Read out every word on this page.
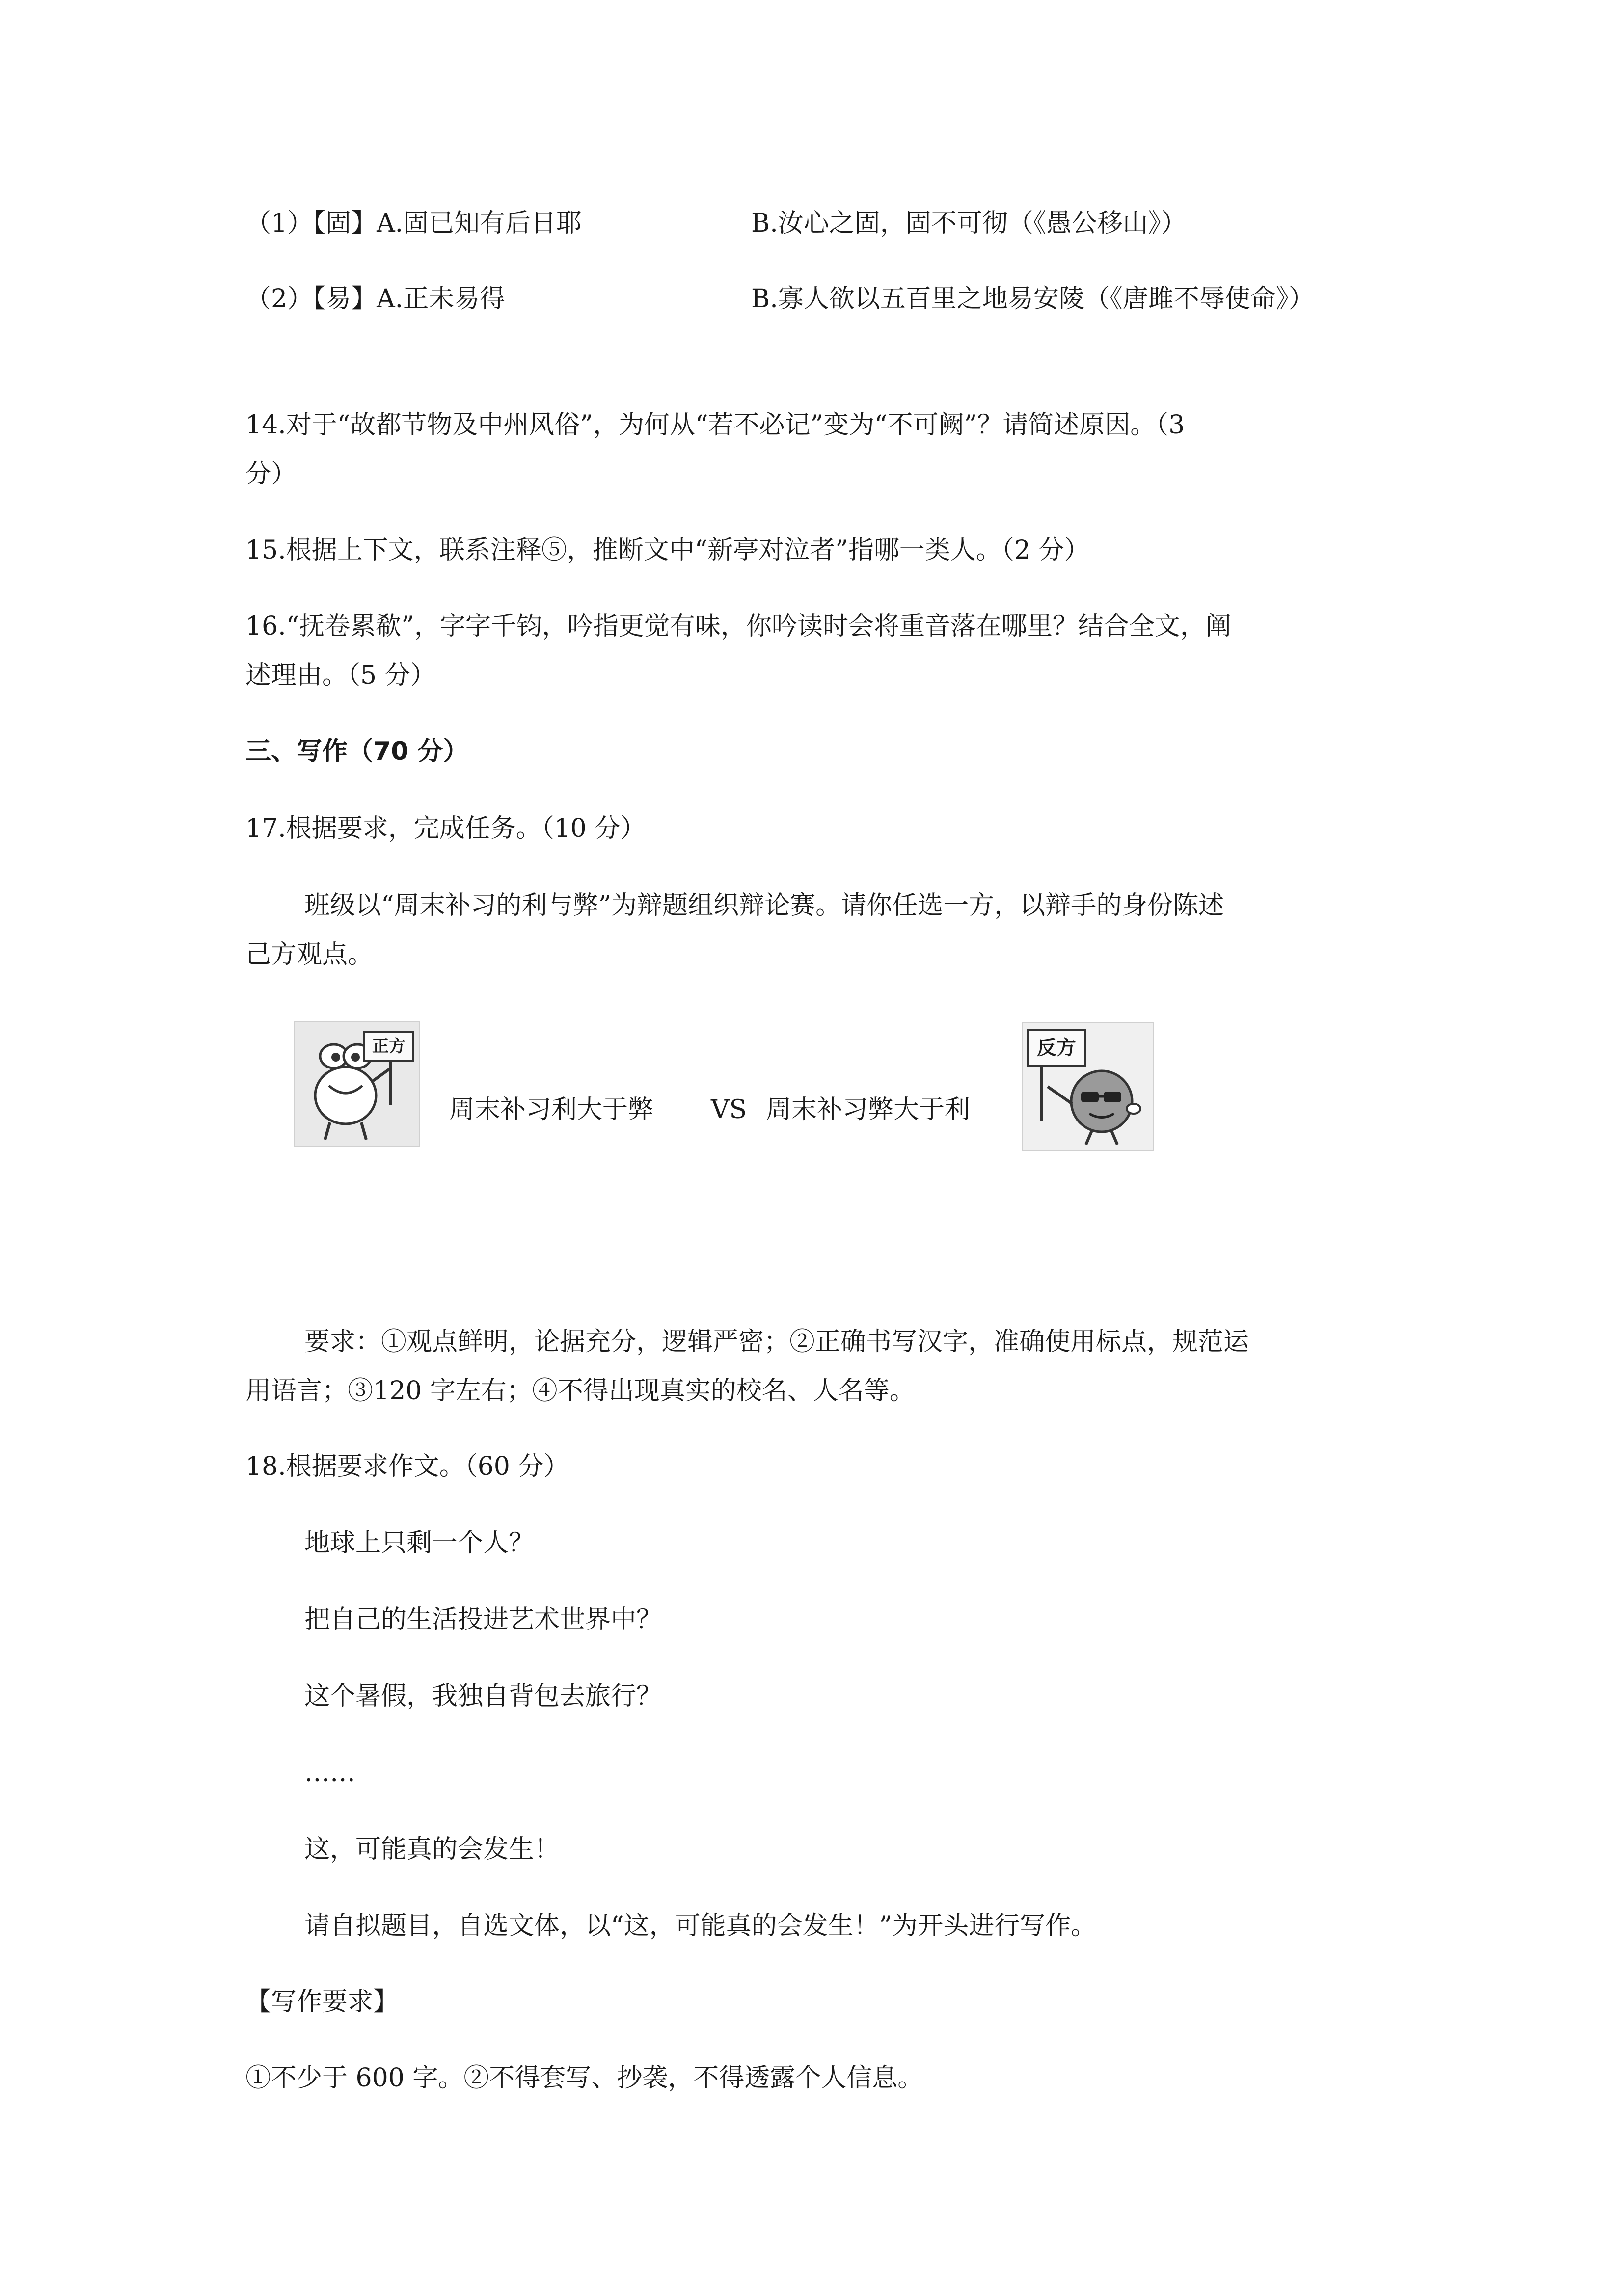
（1）【固】A.固已知有后日耶	B.汝心之固，固不可彻（《愚公移山》）
（2）【易】A.正未易得	B.寡人欲以五百里之地易安陵（《唐雎不辱使命》）
14.对于“故都节物及中州风俗”，为何从“若不必记”变为“不可阙”？请简述原因。（3
分）
15.根据上下文，联系注释⑤，推断文中“新亭对泣者”指哪一类人。（2 分）
16.“抚卷累欷”，字字千钧，吟指更觉有味，你吟读时会将重音落在哪里？结合全文，阐
述理由。（5 分）
三、写作（70 分）
17.根据要求，完成任务。（10 分）
班级以“周末补习的利与弊”为辩题组织辩论赛。请你任选一方，以辩手的身份陈述
己方观点。
正方
周末补习利大于弊 VS 周末补习弊大于利
反方
要求：①观点鲜明，论据充分，逻辑严密；②正确书写汉字，准确使用标点，规范运
用语言；③120 字左右；④不得出现真实的校名、人名等。
18.根据要求作文。（60 分）
地球上只剩一个人？
把自己的生活投进艺术世界中？
这个暑假，我独自背包去旅行？
……
这，可能真的会发生！
请自拟题目，自选文体，以“这，可能真的会发生！”为开头进行写作。
【写作要求】
①不少于 600 字。②不得套写、抄袭，不得透露个人信息。
